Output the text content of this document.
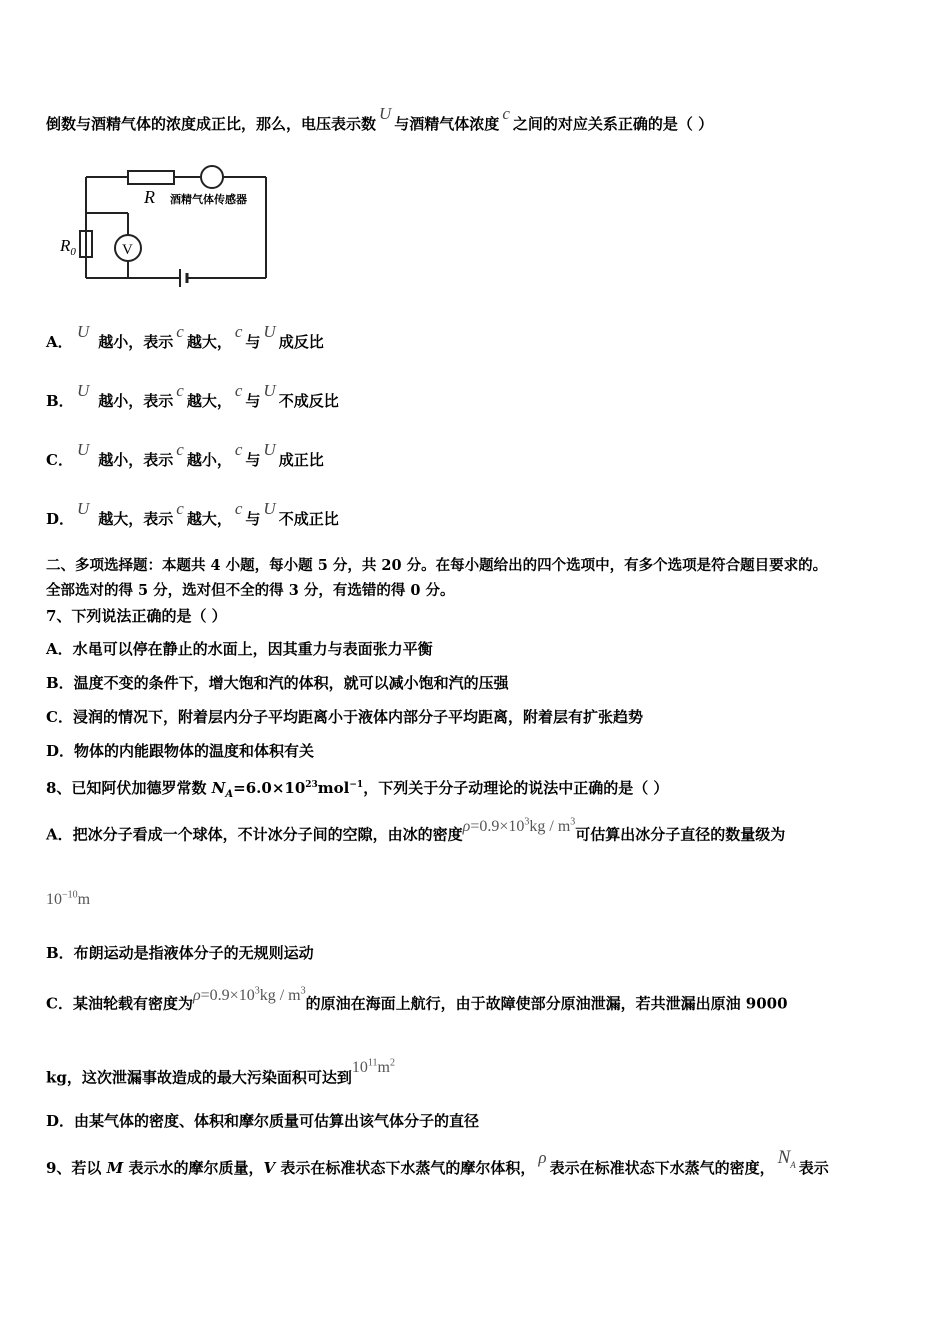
倒数与酒精气体的浓度成正比，那么，电压表示数U与酒精气体浓度c之间的对应关系正确的是（ ）
R 酒精气体传感器
$R_0$	V
A．U越小，表示c越大，c与U成反比
B．U越小，表示c越大，c与U不成反比
C．U越小，表示c越小，c与U成正比
D．U越大，表示c越大，c与U不成正比
二、多项选择题：本题共 4 小题，每小题 5 分，共 20 分。在每小题给出的四个选项中，有多个选项是符合题目要求的。
全部选对的得 5 分，选对但不全的得 3 分，有选错的得 0 分。
7、下列说法正确的是（ ）
A．水黾可以停在静止的水面上，因其重力与表面张力平衡
B．温度不变的条件下，增大饱和汽的体积，就可以减小饱和汽的压强
C．浸润的情况下，附着层内分子平均距离小于液体内部分子平均距离，附着层有扩张趋势
D．物体的内能跟物体的温度和体积有关
8、已知阿伏加德罗常数 $N_A=6.0\times 10^{23}mol^{-1}$，下列关于分子动理论的说法中正确的是（ ）
A．把冰分子看成一个球体，不计冰分子间的空隙，由冰的密度$\rho=0.9\times 10^3kg / m^3$可估算出冰分子直径的数量级为
$10^{-10}m$
B．布朗运动是指液体分子的无规则运动
C．某油轮载有密度为$\rho=0.9\times 10^3kg / m^3$的原油在海面上航行，由于故障使部分原油泄漏，若共泄漏出原油 9000
kg，这次泄漏事故造成的最大污染面积可达到$10^{11}m^2$
D．由某气体的密度、体积和摩尔质量可估算出该气体分子的直径
9、若以 M 表示水的摩尔质量，V 表示在标准状态下水蒸气的摩尔体积，ρ表示在标准状态下水蒸气的密度， $N_A$ 表示
